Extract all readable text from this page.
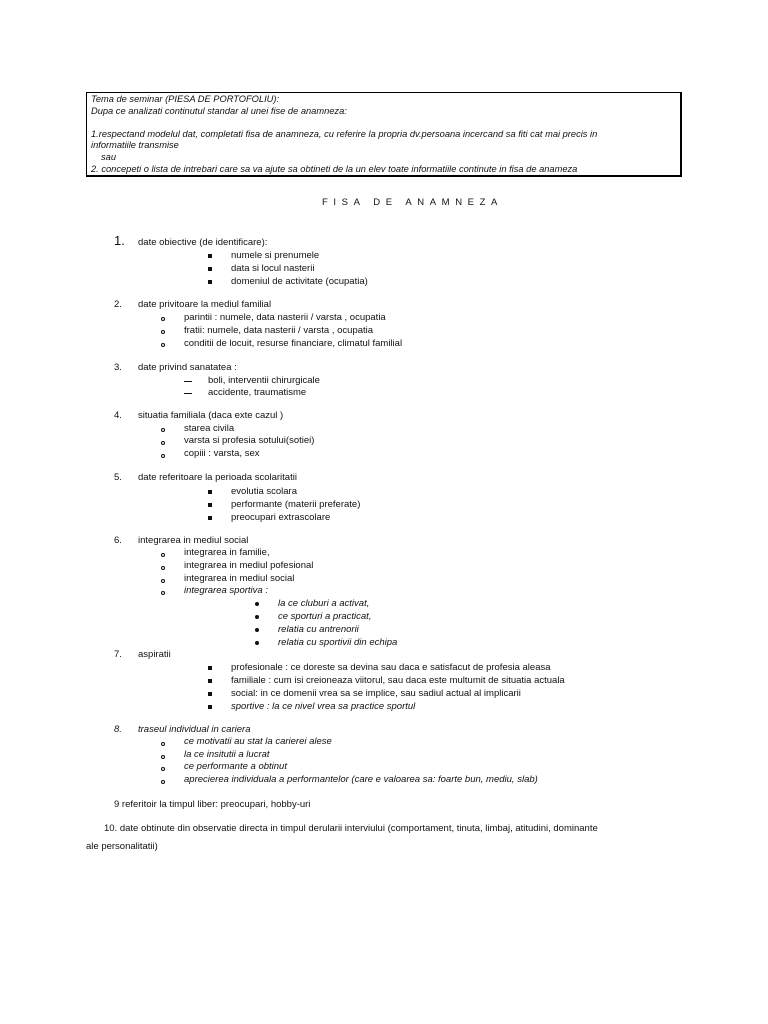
Tema de seminar (PIESA DE PORTOFOLIU):
Dupa ce analizati continutul standar al unei fise de anamneza:
1.respectand modelul dat, completati fisa de anamneza, cu referire la propria dv.persoana incercand sa fiti cat mai precis in
informatiile transmise
sau
2. concepeti o lista de intrebari care sa va ajute sa obtineti de la un elev toate informatiile continute in fisa de anameza
FISA DE ANAMNEZA
1. date obiective (de identificare):
numele si prenumele
data si locul nasterii
domeniul de activitate (ocupatia)
2. date privitoare la mediul familial
parintii : numele, data nasterii / varsta , ocupatia
fratii: numele, data nasterii / varsta , ocupatia
conditii de locuit, resurse financiare, climatul familial
3. date privind sanatatea :
boli, interventii chirurgicale
accidente, traumatisme
4. situatia familiala (daca exte cazul )
starea civila
varsta si profesia sotului(sotiei)
copiii : varsta, sex
5. date referitoare la perioada scolaritatii
evolutia scolara
performante (materii preferate)
preocupari extrascolare
6. integrarea in mediul social
integrarea in familie,
integrarea in mediul pofesional
integrarea in mediul social
integrarea sportiva :
la ce cluburi a activat,
ce sporturi a practicat,
relatia cu antrenorii
relatia cu sportivii din echipa
7. aspiratii
profesionale : ce doreste sa devina sau daca e satisfacut de profesia aleasa
familiale : cum isi creioneaza viitorul, sau daca este multumit de situatia actuala
social: in ce domenii vrea sa se implice, sau sadiul actual al implicarii
sportive : la ce nivel vrea sa practice sportul
8. traseul individual in cariera
ce motivatii au stat la carierei alese
la ce insitutii a lucrat
ce performante a obtinut
aprecierea individuala a performantelor (care e valoarea sa: foarte bun, mediu, slab)
9 referitoir la timpul liber: preocupari, hobby-uri
10. date obtinute din observatie directa in timpul derularii interviului (comportament, tinuta, limbaj, atitudini, dominante
ale personalitatii)
